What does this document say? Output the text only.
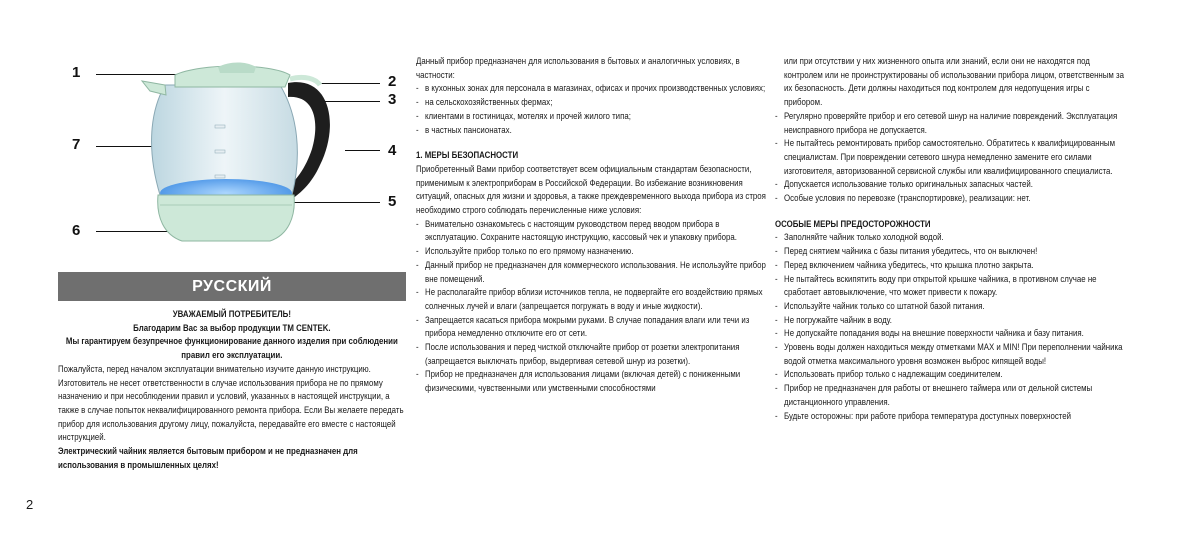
1
7
6
2
3
4
5
РУССКИЙ

УВАЖАЕМЫЙ ПОТРЕБИТЕЛЬ!

Благодарим Вас за выбор продукции ТМ CENTEK.

Мы гарантируем безупречное функционирование данного изделия при соблюдении правил его эксплуатации.

Пожалуйста, перед началом эксплуатации внимательно изучите данную инструкцию. Изготовитель не несет ответственности в случае использования прибора не по прямому назначению и при несоблюдении правил и условий, указанных в настоящей инструкции, а также в случае попыток неквалифицированного ремонта прибора. Если Вы желаете передать прибор для использования другому лицу, пожалуйста, передавайте его вместе с настоящей инструкцией.

Электрический чайник является бытовым прибором и не предназначен для использования в промышленных целях!

Данный прибор предназначен для использования в бытовых и аналогичных условиях, в частности:

- в кухонных зонах для персонала в магазинах, офисах и прочих производственных условиях;
- на сельскохозяйственных фермах;
- клиентами в гостиницах, мотелях и прочей жилого типа;
- в частных пансионатах.

1. МЕРЫ БЕЗОПАСНОСТИ

Приобретенный Вами прибор соответствует всем официальным стандартам безопасности, применимым к электроприборам в Российской Федерации. Во избежание возникновения ситуаций, опасных для жизни и здоровья, а также преждевременного выхода прибора из строя необходимо строго соблюдать перечисленные ниже условия:

- Внимательно ознакомьтесь с настоящим руководством перед вводом прибора в эксплуатацию. Сохраните настоящую инструкцию, кассовый чек и упаковку прибора.
- Используйте прибор только по его прямому назначению.
- Данный прибор не предназначен для коммерческого использования. Не используйте прибор вне помещений.
- Не располагайте прибор вблизи источников тепла, не подвергайте его воздействию прямых солнечных лучей и влаги (запрещается погружать в воду и иные жидкости).
- Запрещается касаться прибора мокрыми руками. В случае попадания влаги или течи из прибора немедленно отключите его от сети.
- После использования и перед чисткой отключайте прибор от розетки электропитания (запрещается выключать прибор, выдергивая сетевой шнур из розетки).
- Прибор не предназначен для использования лицами (включая детей) с пониженными физическими, чувственными или умственными способностями

или при отсутствии у них жизненного опыта или знаний, если они не находятся под контролем или не проинструктированы об использовании прибора лицом, ответственным за их безопасность. Дети должны находиться под контролем для недопущения игры с прибором.

- Регулярно проверяйте прибор и его сетевой шнур на наличие повреждений. Эксплуатация неисправного прибора не допускается.
- Не пытайтесь ремонтировать прибор самостоятельно. Обратитесь к квалифицированным специалистам. При повреждении сетевого шнура немедленно замените его силами изготовителя, авторизованной сервисной службы или квалифицированного специалиста.
- Допускается использование только оригинальных запасных частей.
- Особые условия по перевозке (транспортировке), реализации: нет.

ОСОБЫЕ МЕРЫ ПРЕДОСТОРОЖНОСТИ

- Заполняйте чайник только холодной водой.
- Перед снятием чайника с базы питания убедитесь, что он выключен!
- Перед включением чайника убедитесь, что крышка плотно закрыта.
- Не пытайтесь вскипятить воду при открытой крышке чайника, в противном случае не сработает автовыключение, что может привести к пожару.
- Используйте чайник только со штатной базой питания.
- Не погружайте чайник в воду.
- Не допускайте попадания воды на внешние поверхности чайника и базу питания.
- Уровень воды должен находиться между отметками MAX и MIN! При переполнении чайника водой отметка максимального уровня возможен выброс кипящей воды!
- Использовать прибор только с надлежащим соединителем.
- Прибор не предназначен для работы от внешнего таймера или от дельной системы дистанционного управления.
- Будьте осторожны: при работе прибора температура доступных поверхностей
2
